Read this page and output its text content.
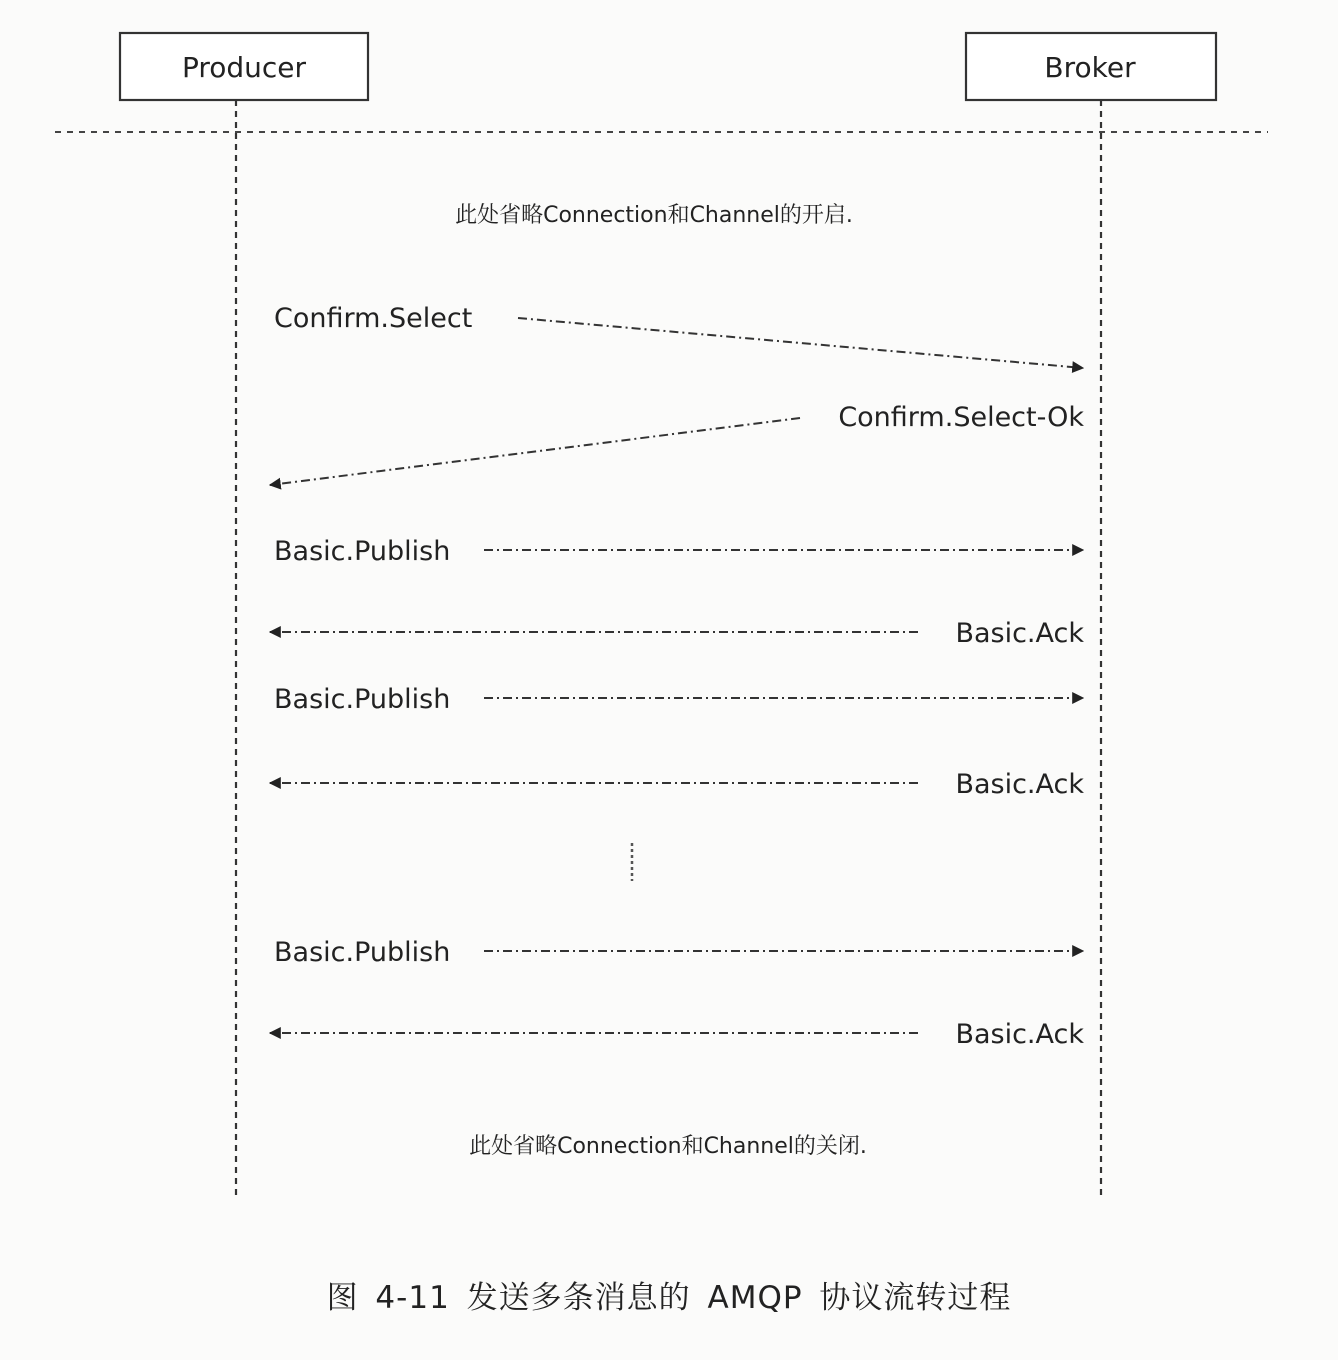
Producer	Broker
此处省略Connection和Channel的开启.
Confirm.Select
Confirm.Select-Ok
Basic.Publish
Basic.Ack
Basic.Publish
Basic.Ack
Basic.Publish
Basic.Ack
此处省略Connection和Channel的关闭.
图 4-11 发送多条消息的 AMQP 协议流转过程
